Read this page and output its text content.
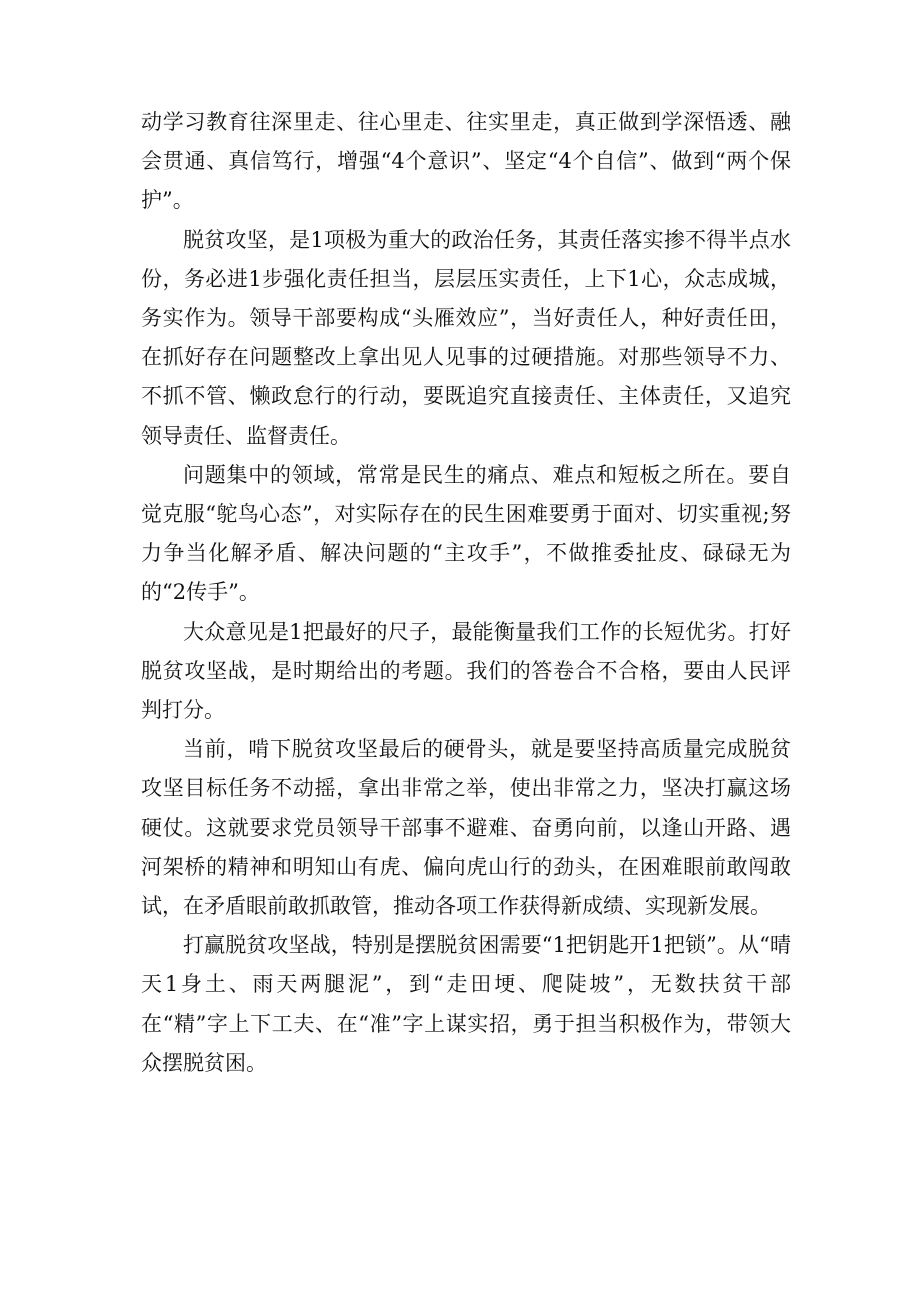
动学习教育往深里走、往心里走、往实里走，真正做到学深悟透、融会贯通、真信笃行，增强“4个意识”、坚定“4个自信”、做到“两个保护”。

脱贫攻坚，是1项极为重大的政治任务，其责任落实掺不得半点水份，务必进1步强化责任担当，层层压实责任，上下1心，众志成城，务实作为。领导干部要构成“头雁效应”，当好责任人，种好责任田，在抓好存在问题整改上拿出见人见事的过硬措施。对那些领导不力、不抓不管、懒政怠行的行动，要既追究直接责任、主体责任，又追究领导责任、监督责任。

问题集中的领域，常常是民生的痛点、难点和短板之所在。要自觉克服“鸵鸟心态”，对实际存在的民生困难要勇于面对、切实重视;努力争当化解矛盾、解决问题的“主攻手”，不做推委扯皮、碌碌无为的“2传手”。

大众意见是1把最好的尺子，最能衡量我们工作的长短优劣。打好脱贫攻坚战，是时期给出的考题。我们的答卷合不合格，要由人民评判打分。

当前，啃下脱贫攻坚最后的硬骨头，就是要坚持高质量完成脱贫攻坚目标任务不动摇，拿出非常之举，使出非常之力，坚决打赢这场硬仗。这就要求党员领导干部事不避难、奋勇向前，以逢山开路、遇河架桥的精神和明知山有虎、偏向虎山行的劲头，在困难眼前敢闯敢试，在矛盾眼前敢抓敢管，推动各项工作获得新成绩、实现新发展。

打赢脱贫攻坚战，特别是摆脱贫困需要“1把钥匙开1把锁”。从“晴天1身土、雨天两腿泥”，到“走田埂、爬陡坡”，无数扶贫干部在“精”字上下工夫、在“准”字上谋实招，勇于担当积极作为，带领大众摆脱贫困。
